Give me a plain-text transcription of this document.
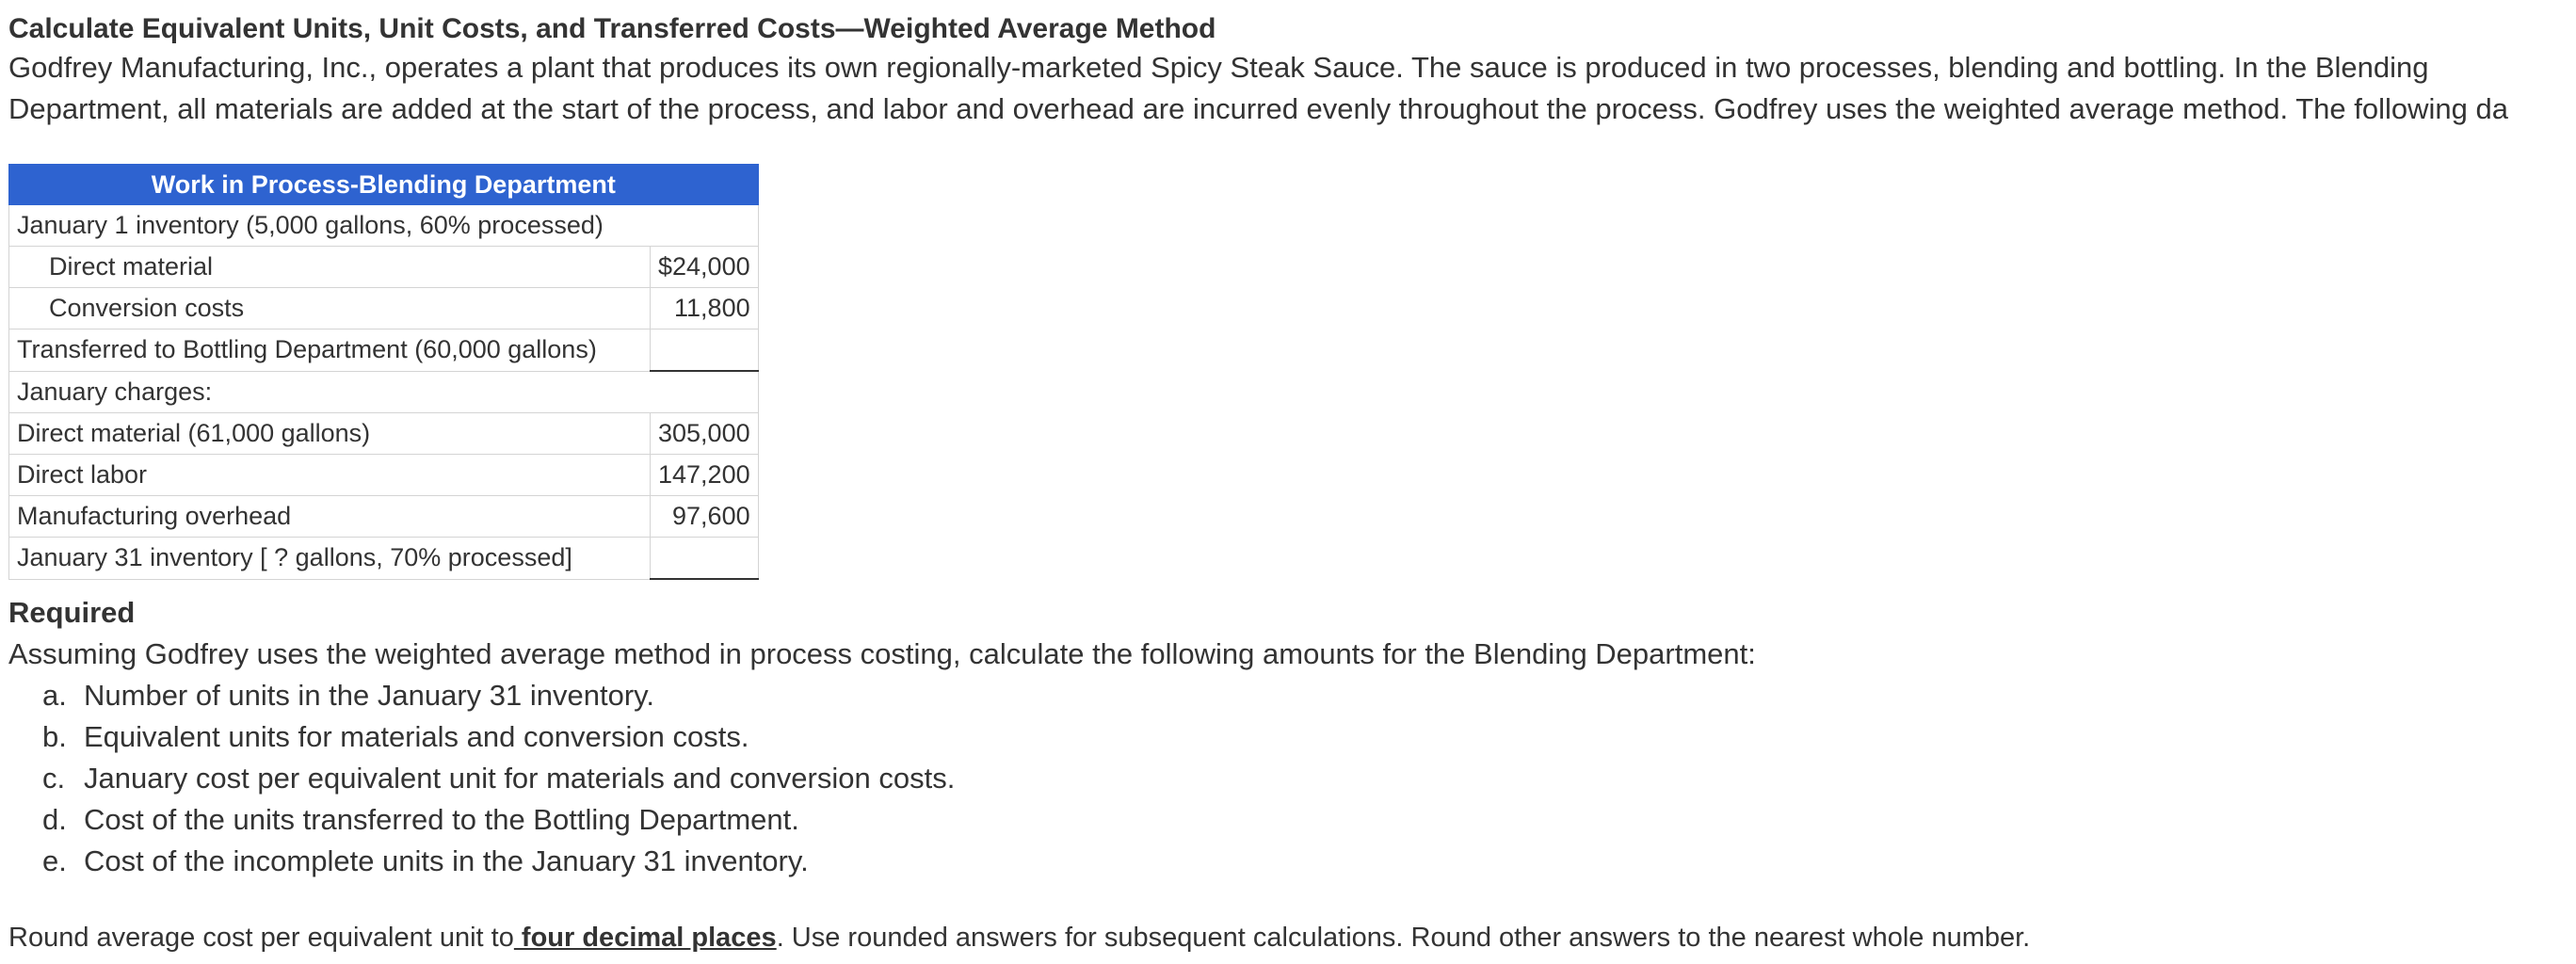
Calculate Equivalent Units, Unit Costs, and Transferred Costs—Weighted Average Method
Godfrey Manufacturing, Inc., operates a plant that produces its own regionally-marketed Spicy Steak Sauce. The sauce is produced in two processes, blending and bottling. In the Blending
Department, all materials are added at the start of the process, and labor and overhead are incurred evenly throughout the process. Godfrey uses the weighted average method. The following da
Work in Process-Blending Department	
January 1 inventory (5,000 gallons, 60% processed)	
Direct material	$24,000
Conversion costs	11,800
Transferred to Bottling Department (60,000 gallons)	
January charges:	
Direct material (61,000 gallons)	305,000
Direct labor	147,200
Manufacturing overhead	97,600
January 31 inventory [ ? gallons, 70% processed]	
Required
Assuming Godfrey uses the weighted average method in process costing, calculate the following amounts for the Blending Department:
a. Number of units in the January 31 inventory.
b. Equivalent units for materials and conversion costs.
c. January cost per equivalent unit for materials and conversion costs.
d. Cost of the units transferred to the Bottling Department.
e. Cost of the incomplete units in the January 31 inventory.
Round average cost per equivalent unit to four decimal places. Use rounded answers for subsequent calculations. Round other answers to the nearest whole number.
